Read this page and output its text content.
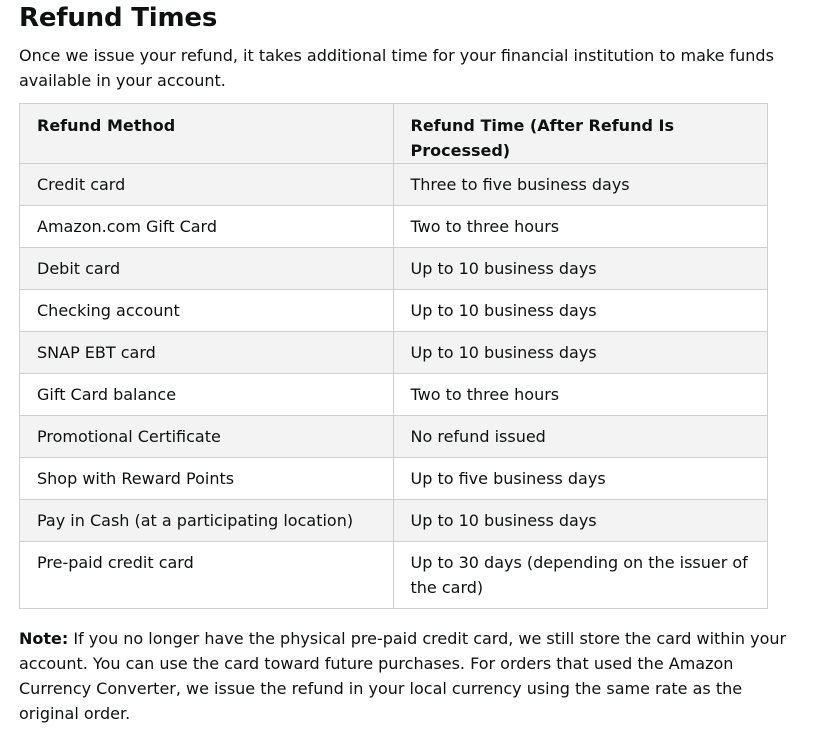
Refund Times

Once we issue your refund, it takes additional time for your financial institution to make funds available in your account.

Refund Method	Refund Time (After Refund Is Processed)
Credit card	Three to five business days
Amazon.com Gift Card	Two to three hours
Debit card	Up to 10 business days
Checking account	Up to 10 business days
SNAP EBT card	Up to 10 business days
Gift Card balance	Two to three hours
Promotional Certificate	No refund issued
Shop with Reward Points	Up to five business days
Pay in Cash (at a participating location)	Up to 10 business days
Pre-paid credit card	Up to 30 days (depending on the issuer of the card)

Note: If you no longer have the physical pre-paid credit card, we still store the card within your account. You can use the card toward future purchases. For orders that used the Amazon Currency Converter, we issue the refund in your local currency using the same rate as the original order.
